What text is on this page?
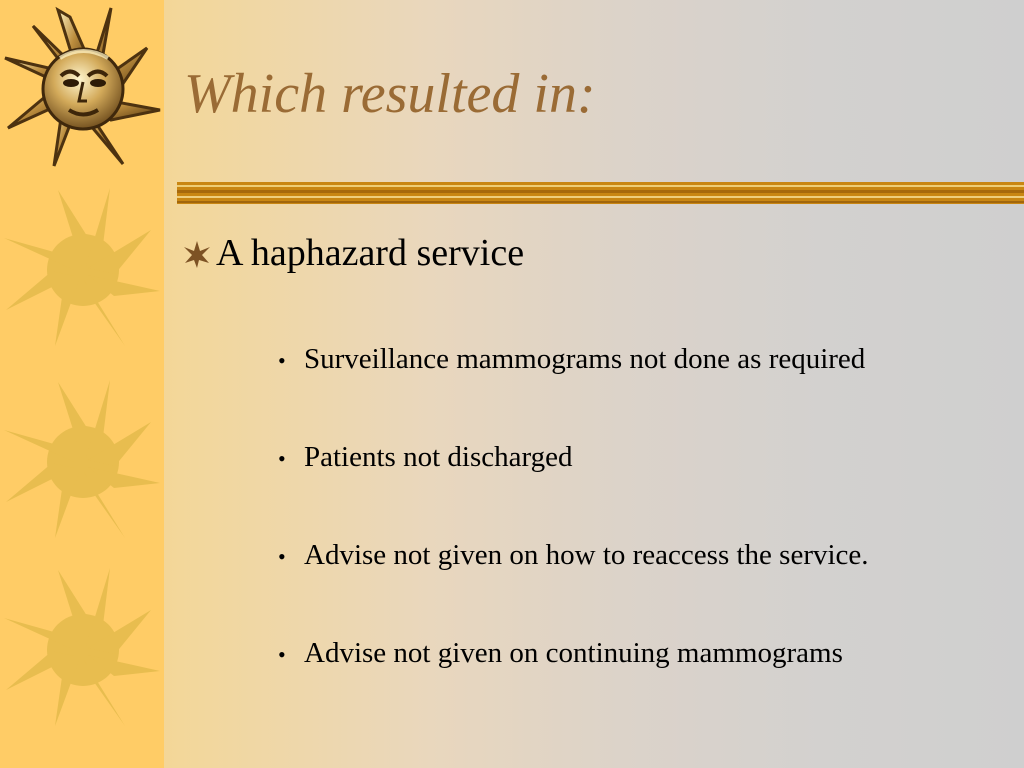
Which resulted in:
A haphazard service
• Surveillance mammograms not done as required
• Patients not discharged
• Advise not given on how to reaccess the service.
• Advise not given on continuing mammograms
